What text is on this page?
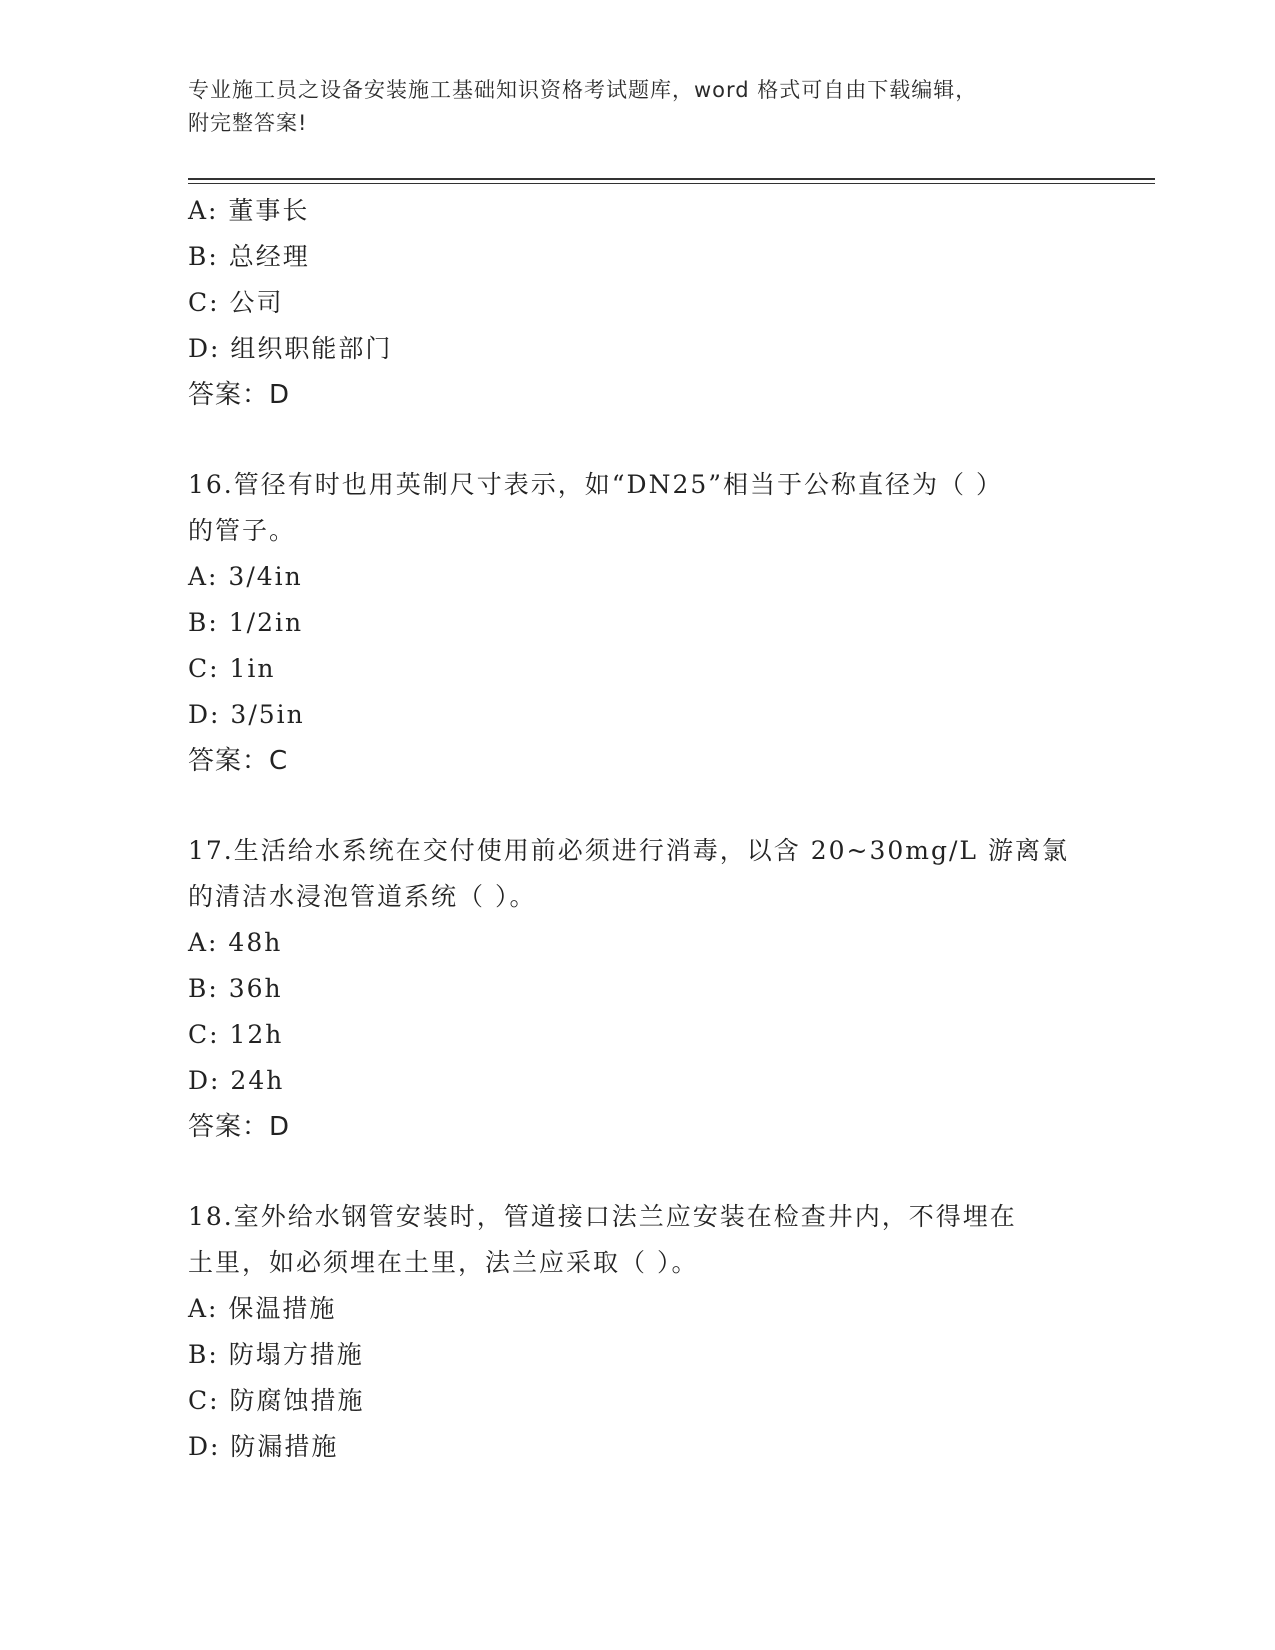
专业施工员之设备安装施工基础知识资格考试题库，word 格式可自由下载编辑，
附完整答案!
A: 董事长
B: 总经理
C: 公司
D: 组织职能部门
答案：D
16.管径有时也用英制尺寸表示，如“DN25”相当于公称直径为（ ）
的管子。
A: 3/4in
B: 1/2in
C: 1in
D: 3/5in
答案：C
17.生活给水系统在交付使用前必须进行消毒，以含 20~30mg/L 游离氯
的清洁水浸泡管道系统（ ）。
A: 48h
B: 36h
C: 12h
D: 24h
答案：D
18.室外给水钢管安装时，管道接口法兰应安装在检查井内，不得埋在
土里，如必须埋在土里，法兰应采取（ ）。
A: 保温措施
B: 防塌方措施
C: 防腐蚀措施
D: 防漏措施
